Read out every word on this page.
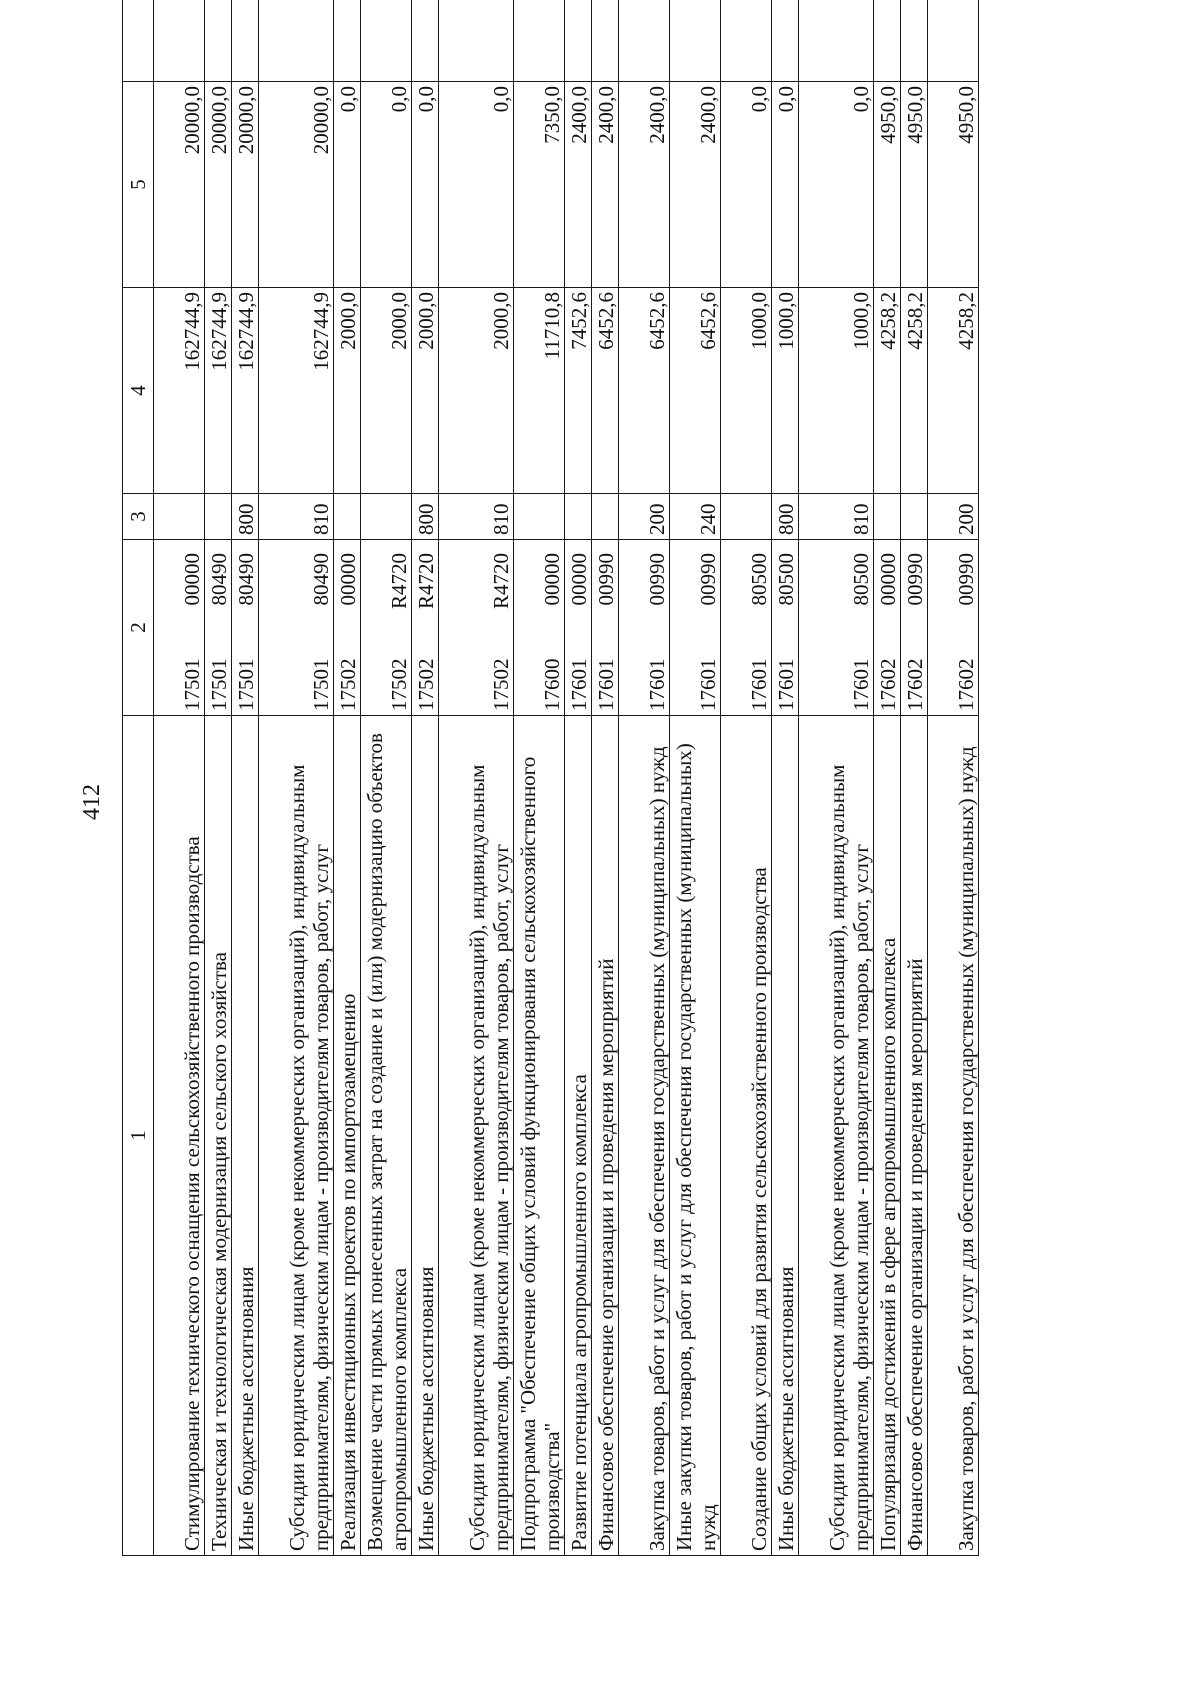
412
1	2	3	4	5	
Стимулирование технического оснащения сельскохозяйственного производства	1750100000		162744,9	20000,0	
Техническая и технологическая модернизация сельского хозяйства	1750180490		162744,9	20000,0	
Иные бюджетные ассигнования	1750180490	800	162744,9	20000,0	
Субсидии юридическим лицам (кроме некоммерческих организаций), индивидуальным предпринимателям, физическим лицам - производителям товаров, работ, услуг	1750180490	810	162744,9	20000,0	
Реализация инвестиционных проектов по импортозамещению	1750200000		2000,0	0,0	
Возмещение части прямых понесенных затрат на создание и (или) модернизацию объектов агропромышленного комплекса	17502R4720		2000,0	0,0	
Иные бюджетные ассигнования	17502R4720	800	2000,0	0,0	
Субсидии юридическим лицам (кроме некоммерческих организаций), индивидуальным предпринимателям, физическим лицам - производителям товаров, работ, услуг	17502R4720	810	2000,0	0,0	
Подпрограмма "Обеспечение общих условий функционирования сельскохозяйственного производства"	1760000000		11710,8	7350,0	
Развитие потенциала агропромышленного комплекса	1760100000		7452,6	2400,0	
Финансовое обеспечение организации и проведения мероприятий	1760100990		6452,6	2400,0	
Закупка товаров, работ и услуг для обеспечения государственных (муниципальных) нужд	1760100990	200	6452,6	2400,0	
Иные закупки товаров, работ и услуг для обеспечения государственных (муниципальных) нужд	1760100990	240	6452,6	2400,0	
Создание общих условий для развития сельскохозяйственного производства	1760180500		1000,0	0,0	
Иные бюджетные ассигнования	1760180500	800	1000,0	0,0	
Субсидии юридическим лицам (кроме некоммерческих организаций), индивидуальным предпринимателям, физическим лицам - производителям товаров, работ, услуг	1760180500	810	1000,0	0,0	
Популяризация достижений в сфере агропромышленного комплекса	1760200000		4258,2	4950,0	
Финансовое обеспечение организации и проведения мероприятий	1760200990		4258,2	4950,0	
Закупка товаров, работ и услуг для обеспечения государственных (муниципальных) нужд	1760200990	200	4258,2	4950,0	
